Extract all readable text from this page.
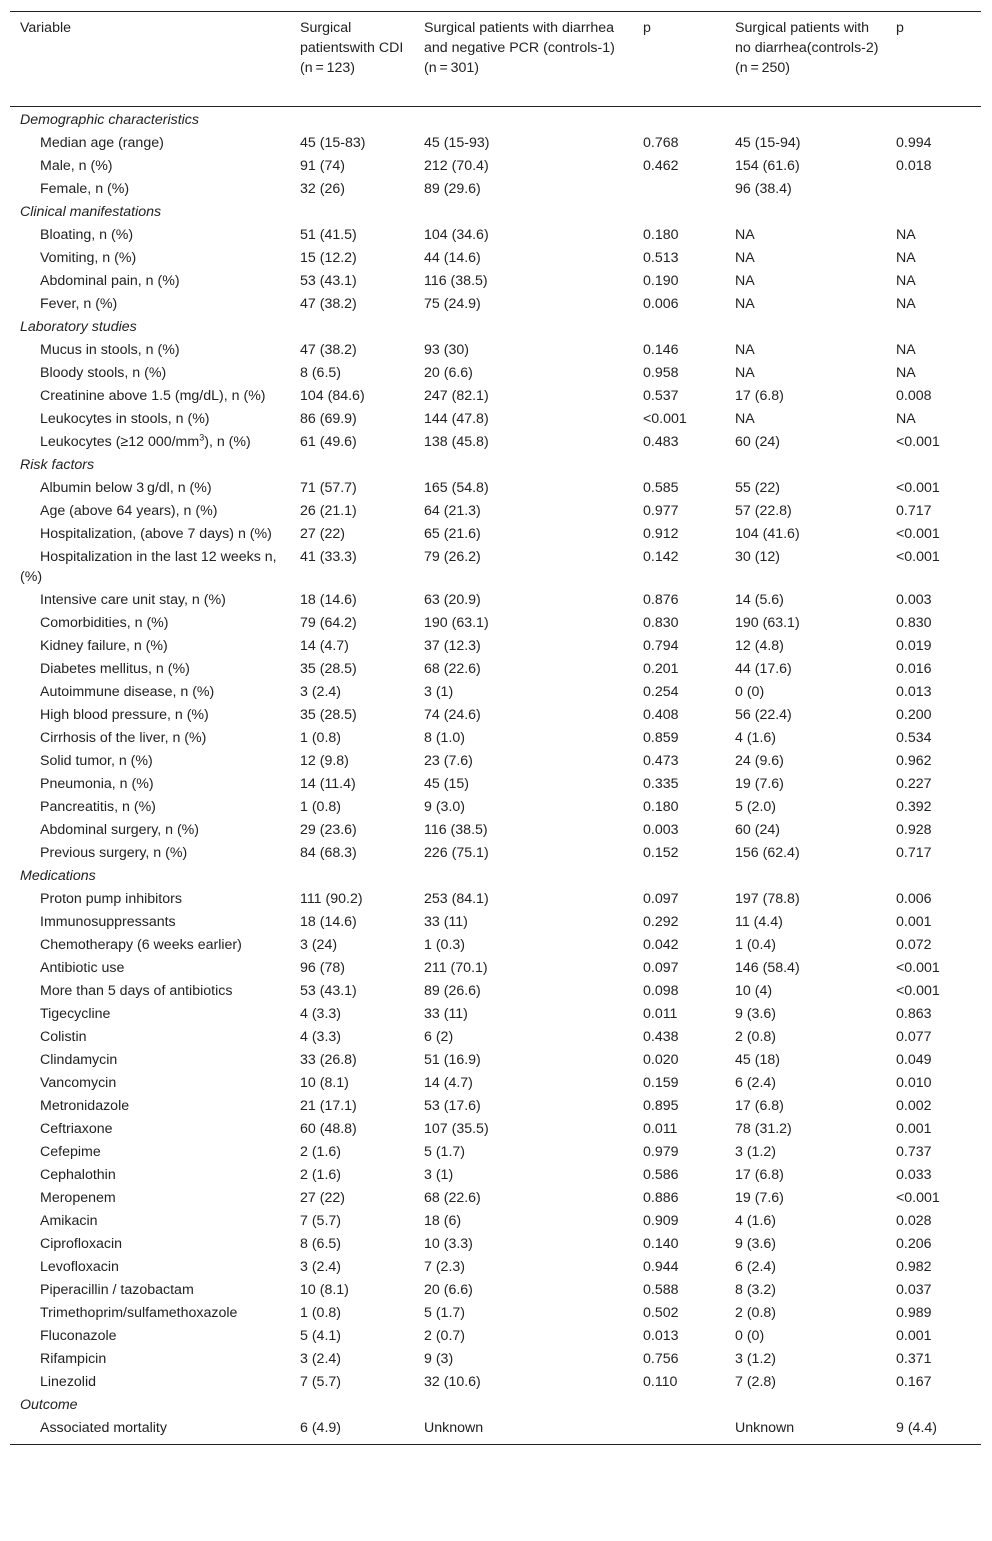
Variable	Surgical patientswith CDI (n = 123)	Surgical patients with diarrhea and negative PCR (controls-1) (n = 301)	p	Surgical patients with no diarrhea(controls-2) (n = 250)	p
Demographic characteristics					
Median age (range)	45 (15-83)	45 (15-93)	0.768	45 (15-94)	0.994
Male, n (%)	91 (74)	212 (70.4)	0.462	154 (61.6)	0.018
Female, n (%)	32 (26)	89 (29.6)		96 (38.4)	
Clinical manifestations					
Bloating, n (%)	51 (41.5)	104 (34.6)	0.180	NA	NA
Vomiting, n (%)	15 (12.2)	44 (14.6)	0.513	NA	NA
Abdominal pain, n (%)	53 (43.1)	116 (38.5)	0.190	NA	NA
Fever, n (%)	47 (38.2)	75 (24.9)	0.006	NA	NA
Laboratory studies					
Mucus in stools, n (%)	47 (38.2)	93 (30)	0.146	NA	NA
Bloody stools, n (%)	8 (6.5)	20 (6.6)	0.958	NA	NA
Creatinine above 1.5 (mg/dL), n (%)	104 (84.6)	247 (82.1)	0.537	17 (6.8)	0.008
Leukocytes in stools, n (%)	86 (69.9)	144 (47.8)	<0.001	NA	NA
Leukocytes (≥12 $000/mm^3$), n (%)	61 (49.6)	138 (45.8)	0.483	60 (24)	<0.001
Risk factors					
Albumin below 3 g/dl, n (%)	71 (57.7)	165 (54.8)	0.585	55 (22)	<0.001
Age (above 64 years), n (%)	26 (21.1)	64 (21.3)	0.977	57 (22.8)	0.717
Hospitalization, (above 7 days) n (%)	27 (22)	65 (21.6)	0.912	104 (41.6)	<0.001
Hospitalization in the last 12 weeks n, (%)	41 (33.3)	79 (26.2)	0.142	30 (12)	<0.001
Intensive care unit stay, n (%)	18 (14.6)	63 (20.9)	0.876	14 (5.6)	0.003
Comorbidities, n (%)	79 (64.2)	190 (63.1)	0.830	190 (63.1)	0.830
Kidney failure, n (%)	14 (4.7)	37 (12.3)	0.794	12 (4.8)	0.019
Diabetes mellitus, n (%)	35 (28.5)	68 (22.6)	0.201	44 (17.6)	0.016
Autoimmune disease, n (%)	3 (2.4)	3 (1)	0.254	0 (0)	0.013
High blood pressure, n (%)	35 (28.5)	74 (24.6)	0.408	56 (22.4)	0.200
Cirrhosis of the liver, n (%)	1 (0.8)	8 (1.0)	0.859	4 (1.6)	0.534
Solid tumor, n (%)	12 (9.8)	23 (7.6)	0.473	24 (9.6)	0.962
Pneumonia, n (%)	14 (11.4)	45 (15)	0.335	19 (7.6)	0.227
Pancreatitis, n (%)	1 (0.8)	9 (3.0)	0.180	5 (2.0)	0.392
Abdominal surgery, n (%)	29 (23.6)	116 (38.5)	0.003	60 (24)	0.928
Previous surgery, n (%)	84 (68.3)	226 (75.1)	0.152	156 (62.4)	0.717
Medications					
Proton pump inhibitors	111 (90.2)	253 (84.1)	0.097	197 (78.8)	0.006
Immunosuppressants	18 (14.6)	33 (11)	0.292	11 (4.4)	0.001
Chemotherapy (6 weeks earlier)	3 (24)	1 (0.3)	0.042	1 (0.4)	0.072
Antibiotic use	96 (78)	211 (70.1)	0.097	146 (58.4)	<0.001
More than 5 days of antibiotics	53 (43.1)	89 (26.6)	0.098	10 (4)	<0.001
Tigecycline	4 (3.3)	33 (11)	0.011	9 (3.6)	0.863
Colistin	4 (3.3)	6 (2)	0.438	2 (0.8)	0.077
Clindamycin	33 (26.8)	51 (16.9)	0.020	45 (18)	0.049
Vancomycin	10 (8.1)	14 (4.7)	0.159	6 (2.4)	0.010
Metronidazole	21 (17.1)	53 (17.6)	0.895	17 (6.8)	0.002
Ceftriaxone	60 (48.8)	107 (35.5)	0.011	78 (31.2)	0.001
Cefepime	2 (1.6)	5 (1.7)	0.979	3 (1.2)	0.737
Cephalothin	2 (1.6)	3 (1)	0.586	17 (6.8)	0.033
Meropenem	27 (22)	68 (22.6)	0.886	19 (7.6)	<0.001
Amikacin	7 (5.7)	18 (6)	0.909	4 (1.6)	0.028
Ciprofloxacin	8 (6.5)	10 (3.3)	0.140	9 (3.6)	0.206
Levofloxacin	3 (2.4)	7 (2.3)	0.944	6 (2.4)	0.982
Piperacillin / tazobactam	10 (8.1)	20 (6.6)	0.588	8 (3.2)	0.037
Trimethoprim/sulfamethoxazole	1 (0.8)	5 (1.7)	0.502	2 (0.8)	0.989
Fluconazole	5 (4.1)	2 (0.7)	0.013	0 (0)	0.001
Rifampicin	3 (2.4)	9 (3)	0.756	3 (1.2)	0.371
Linezolid	7 (5.7)	32 (10.6)	0.110	7 (2.8)	0.167
Outcome					
Associated mortality	6 (4.9)	Unknown		Unknown	9 (4.4)
